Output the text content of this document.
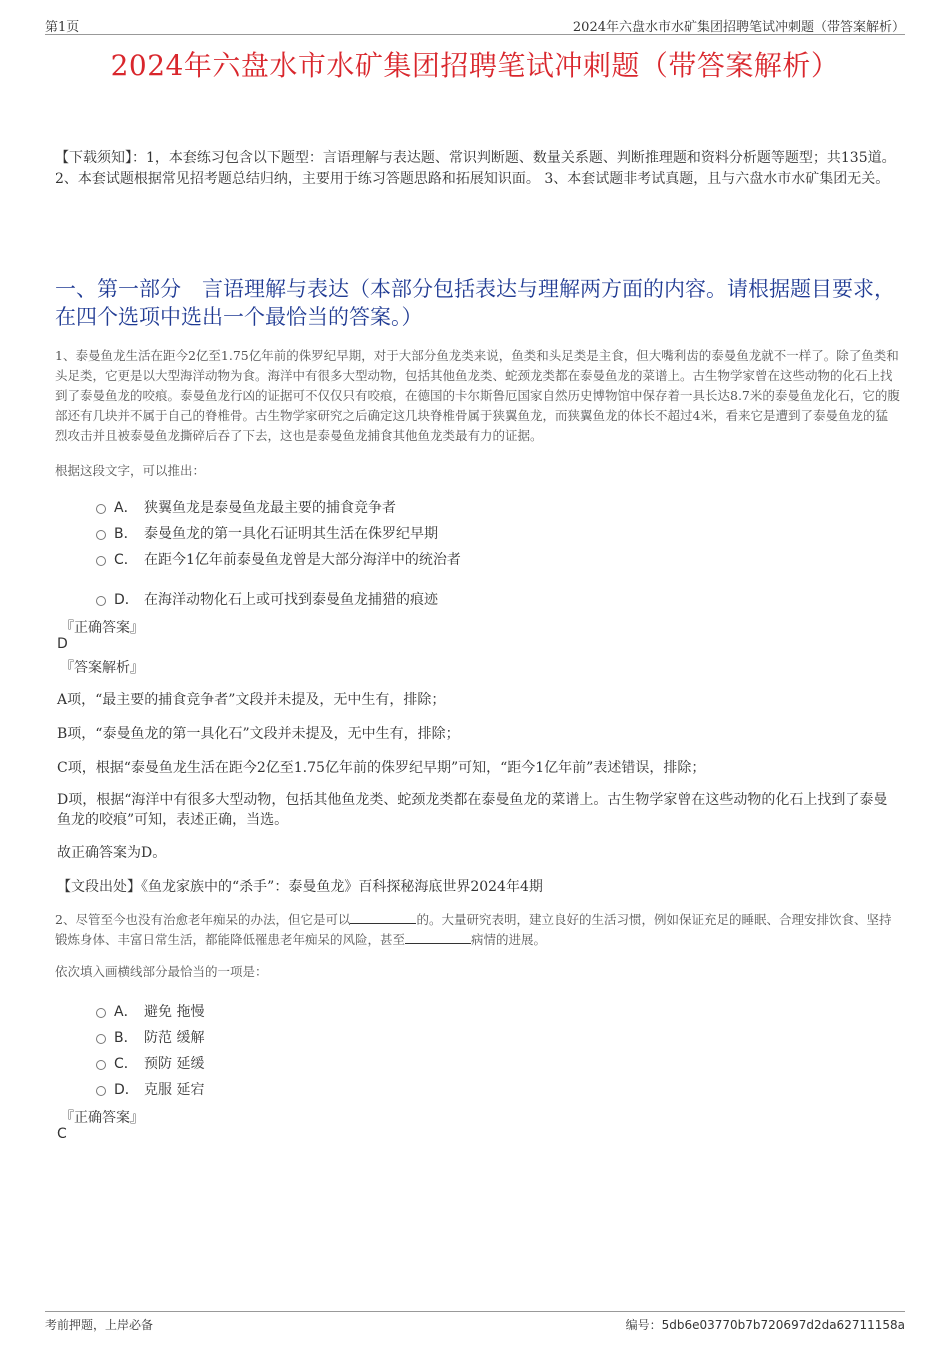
第1页	2024年六盘水市水矿集团招聘笔试冲刺题（带答案解析）
2024年六盘水市水矿集团招聘笔试冲刺题（带答案解析）
【下载须知】：1，本套练习包含以下题型：言语理解与表达题、常识判断题、数量关系题、判断推理题和资料分析题等题型；共135道。 2、本套试题根据常见招考题总结归纳，主要用于练习答题思路和拓展知识面。 3、本套试题非考试真题，且与六盘水市水矿集团无关。
一、第一部分　言语理解与表达（本部分包括表达与理解两方面的内容。请根据题目要求，在四个选项中选出一个最恰当的答案。）
1、泰曼鱼龙生活在距今2亿至1.75亿年前的侏罗纪早期，对于大部分鱼龙类来说，鱼类和头足类是主食，但大嘴利齿的泰曼鱼龙就不一样了。除了鱼类和头足类，它更是以大型海洋动物为食。海洋中有很多大型动物，包括其他鱼龙类、蛇颈龙类都在泰曼鱼龙的菜谱上。古生物学家曾在这些动物的化石上找到了泰曼鱼龙的咬痕。泰曼鱼龙行凶的证据可不仅仅只有咬痕，在德国的卡尔斯鲁厄国家自然历史博物馆中保存着一具长达8.7米的泰曼鱼龙化石，它的腹部还有几块并不属于自己的脊椎骨。古生物学家研究之后确定这几块脊椎骨属于狭翼鱼龙，而狭翼鱼龙的体长不超过4米，看来它是遭到了泰曼鱼龙的猛烈攻击并且被泰曼鱼龙撕碎后吞了下去，这也是泰曼鱼龙捕食其他鱼龙类最有力的证据。
根据这段文字，可以推出：
A． 狭翼鱼龙是泰曼鱼龙最主要的捕食竞争者
B． 泰曼鱼龙的第一具化石证明其生活在侏罗纪早期
C． 在距今1亿年前泰曼鱼龙曾是大部分海洋中的统治者
D． 在海洋动物化石上或可找到泰曼鱼龙捕猎的痕迹
『正确答案』
D
『答案解析』
A项，“最主要的捕食竞争者”文段并未提及，无中生有，排除；
B项，“泰曼鱼龙的第一具化石”文段并未提及，无中生有，排除；
C项，根据“泰曼鱼龙生活在距今2亿至1.75亿年前的侏罗纪早期”可知，“距今1亿年前”表述错误，排除；
D项，根据“海洋中有很多大型动物，包括其他鱼龙类、蛇颈龙类都在泰曼鱼龙的菜谱上。古生物学家曾在这些动物的化石上找到了泰曼鱼龙的咬痕”可知，表述正确，当选。
故正确答案为D。
【文段出处】《鱼龙家族中的“杀手”：泰曼鱼龙》百科探秘海底世界2024年4期
2、尽管至今也没有治愈老年痴呆的办法，但它是可以	的。大量研究表明，建立良好的生活习惯，例如保证充足的睡眠、合理安排饮食、坚持锻炼身体、丰富日常生活，都能降低罹患老年痴呆的风险，甚至	病情的进展。
依次填入画横线部分最恰当的一项是：
A． 避免 拖慢
B． 防范 缓解
C． 预防 延缓
D． 克服 延宕
『正确答案』
C
考前押题，上岸必备	编号：5db6e03770b7b720697d2da62711158a
